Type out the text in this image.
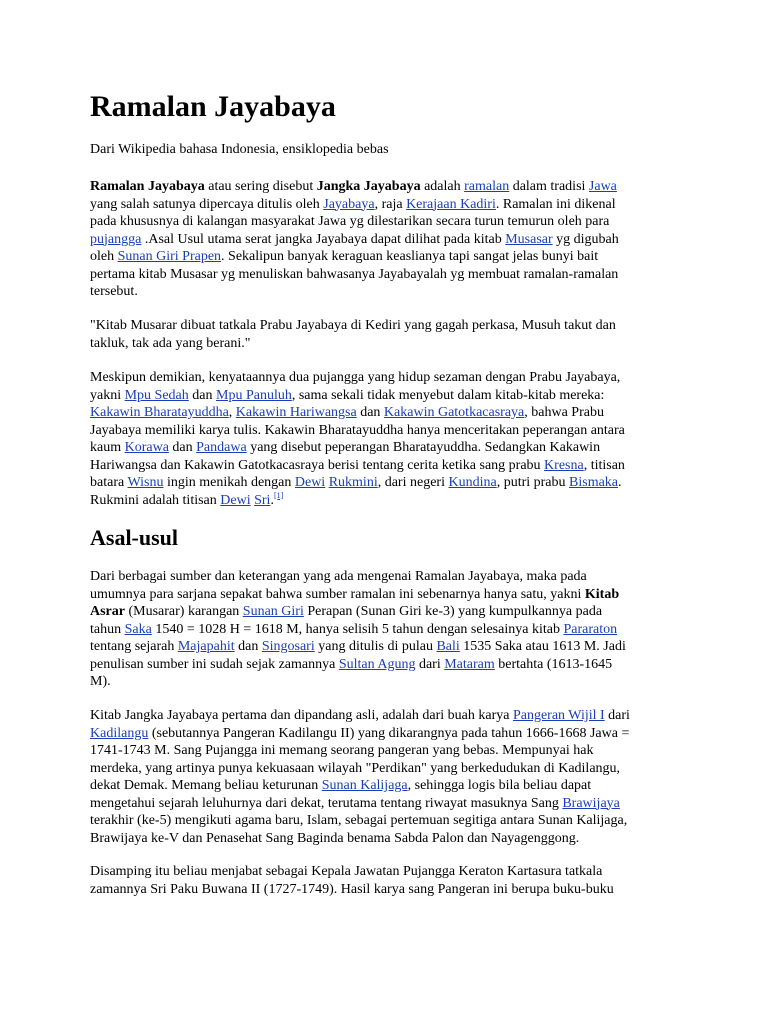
Ramalan Jayabaya
Dari Wikipedia bahasa Indonesia, ensiklopedia bebas

Ramalan Jayabaya atau sering disebut Jangka Jayabaya adalah ramalan dalam tradisi Jawa
yang salah satunya dipercaya ditulis oleh Jayabaya, raja Kerajaan Kadiri. Ramalan ini dikenal
pada khususnya di kalangan masyarakat Jawa yg dilestarikan secara turun temurun oleh para
pujangga .Asal Usul utama serat jangka Jayabaya dapat dilihat pada kitab Musasar yg digubah
oleh Sunan Giri Prapen. Sekalipun banyak keraguan keaslianya tapi sangat jelas bunyi bait
pertama kitab Musasar yg menuliskan bahwasanya Jayabayalah yg membuat ramalan-ramalan
tersebut.

"Kitab Musarar dibuat tatkala Prabu Jayabaya di Kediri yang gagah perkasa, Musuh takut dan
takluk, tak ada yang berani."

Meskipun demikian, kenyataannya dua pujangga yang hidup sezaman dengan Prabu Jayabaya,
yakni Mpu Sedah dan Mpu Panuluh, sama sekali tidak menyebut dalam kitab-kitab mereka:
Kakawin Bharatayuddha, Kakawin Hariwangsa dan Kakawin Gatotkacasraya, bahwa Prabu
Jayabaya memiliki karya tulis. Kakawin Bharatayuddha hanya menceritakan peperangan antara
kaum Korawa dan Pandawa yang disebut peperangan Bharatayuddha. Sedangkan Kakawin
Hariwangsa dan Kakawin Gatotkacasraya berisi tentang cerita ketika sang prabu Kresna, titisan
batara Wisnu ingin menikah dengan Dewi Rukmini, dari negeri Kundina, putri prabu Bismaka.
Rukmini adalah titisan Dewi Sri.[1]

Asal-usul

Dari berbagai sumber dan keterangan yang ada mengenai Ramalan Jayabaya, maka pada
umumnya para sarjana sepakat bahwa sumber ramalan ini sebenarnya hanya satu, yakni Kitab
Asrar (Musarar) karangan Sunan Giri Perapan (Sunan Giri ke-3) yang kumpulkannya pada
tahun Saka 1540 = 1028 H = 1618 M, hanya selisih 5 tahun dengan selesainya kitab Pararaton
tentang sejarah Majapahit dan Singosari yang ditulis di pulau Bali 1535 Saka atau 1613 M. Jadi
penulisan sumber ini sudah sejak zamannya Sultan Agung dari Mataram bertahta (1613-1645
M).

Kitab Jangka Jayabaya pertama dan dipandang asli, adalah dari buah karya Pangeran Wijil I dari
Kadilangu (sebutannya Pangeran Kadilangu II) yang dikarangnya pada tahun 1666-1668 Jawa =
1741-1743 M. Sang Pujangga ini memang seorang pangeran yang bebas. Mempunyai hak
merdeka, yang artinya punya kekuasaan wilayah "Perdikan" yang berkedudukan di Kadilangu,
dekat Demak. Memang beliau keturunan Sunan Kalijaga, sehingga logis bila beliau dapat
mengetahui sejarah leluhurnya dari dekat, terutama tentang riwayat masuknya Sang Brawijaya
terakhir (ke-5) mengikuti agama baru, Islam, sebagai pertemuan segitiga antara Sunan Kalijaga,
Brawijaya ke-V dan Penasehat Sang Baginda benama Sabda Palon dan Nayagenggong.

Disamping itu beliau menjabat sebagai Kepala Jawatan Pujangga Keraton Kartasura tatkala
zamannya Sri Paku Buwana II (1727-1749). Hasil karya sang Pangeran ini berupa buku-buku
